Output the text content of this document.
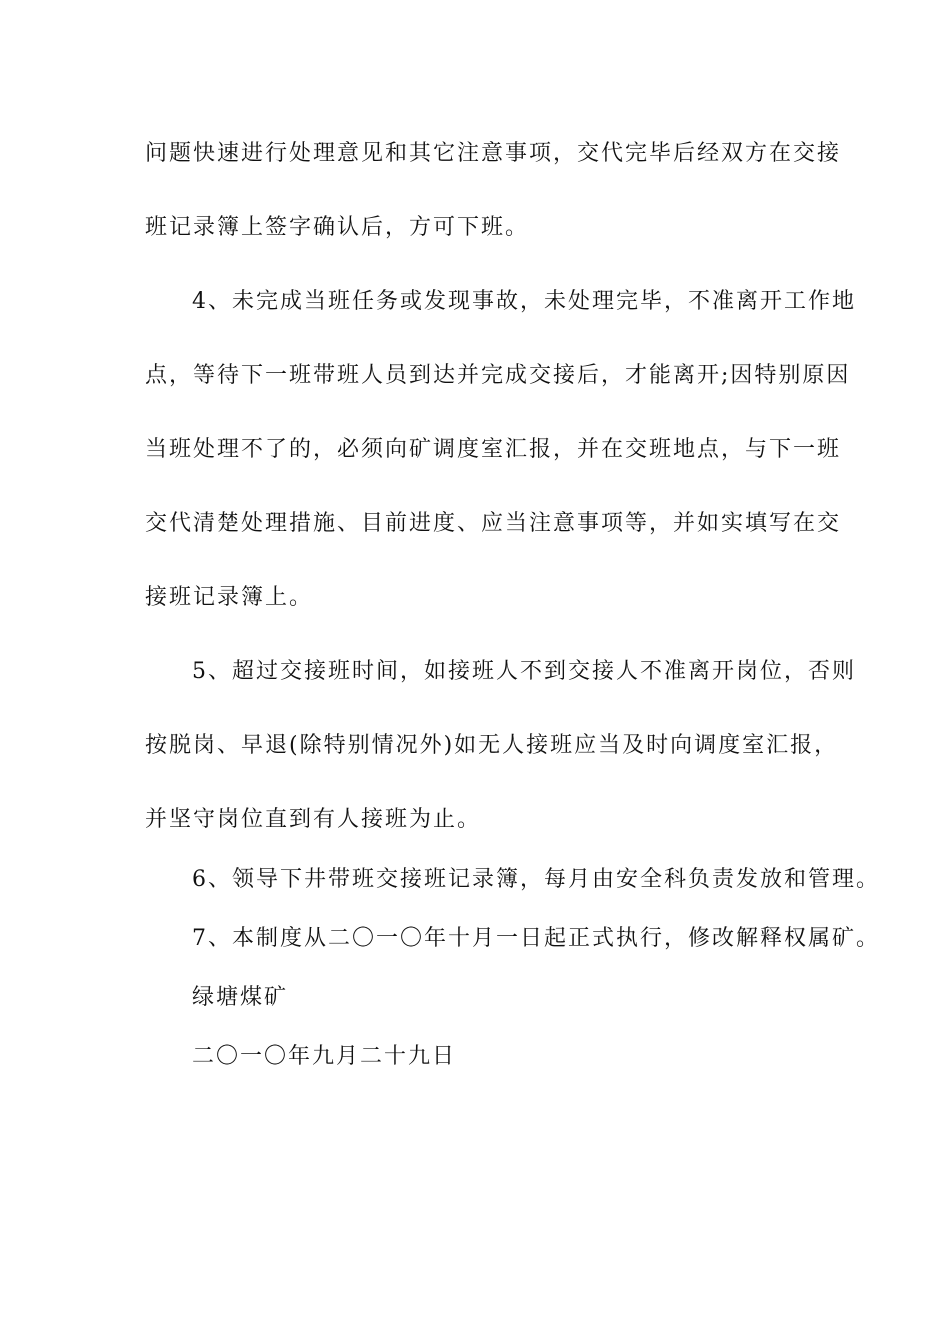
问题快速进行处理意见和其它注意事项，交代完毕后经双方在交接
班记录簿上签字确认后，方可下班。
4、未完成当班任务或发现事故，未处理完毕，不准离开工作地
点，等待下一班带班人员到达并完成交接后，才能离开;因特别原因
当班处理不了的，必须向矿调度室汇报，并在交班地点，与下一班
交代清楚处理措施、目前进度、应当注意事项等，并如实填写在交
接班记录簿上。
5、超过交接班时间，如接班人不到交接人不准离开岗位，否则
按脱岗、早退(除特别情况外)如无人接班应当及时向调度室汇报，
并坚守岗位直到有人接班为止。
6、领导下井带班交接班记录簿，每月由安全科负责发放和管理。
7、本制度从二〇一〇年十月一日起正式执行，修改解释权属矿。
绿塘煤矿
二〇一〇年九月二十九日
